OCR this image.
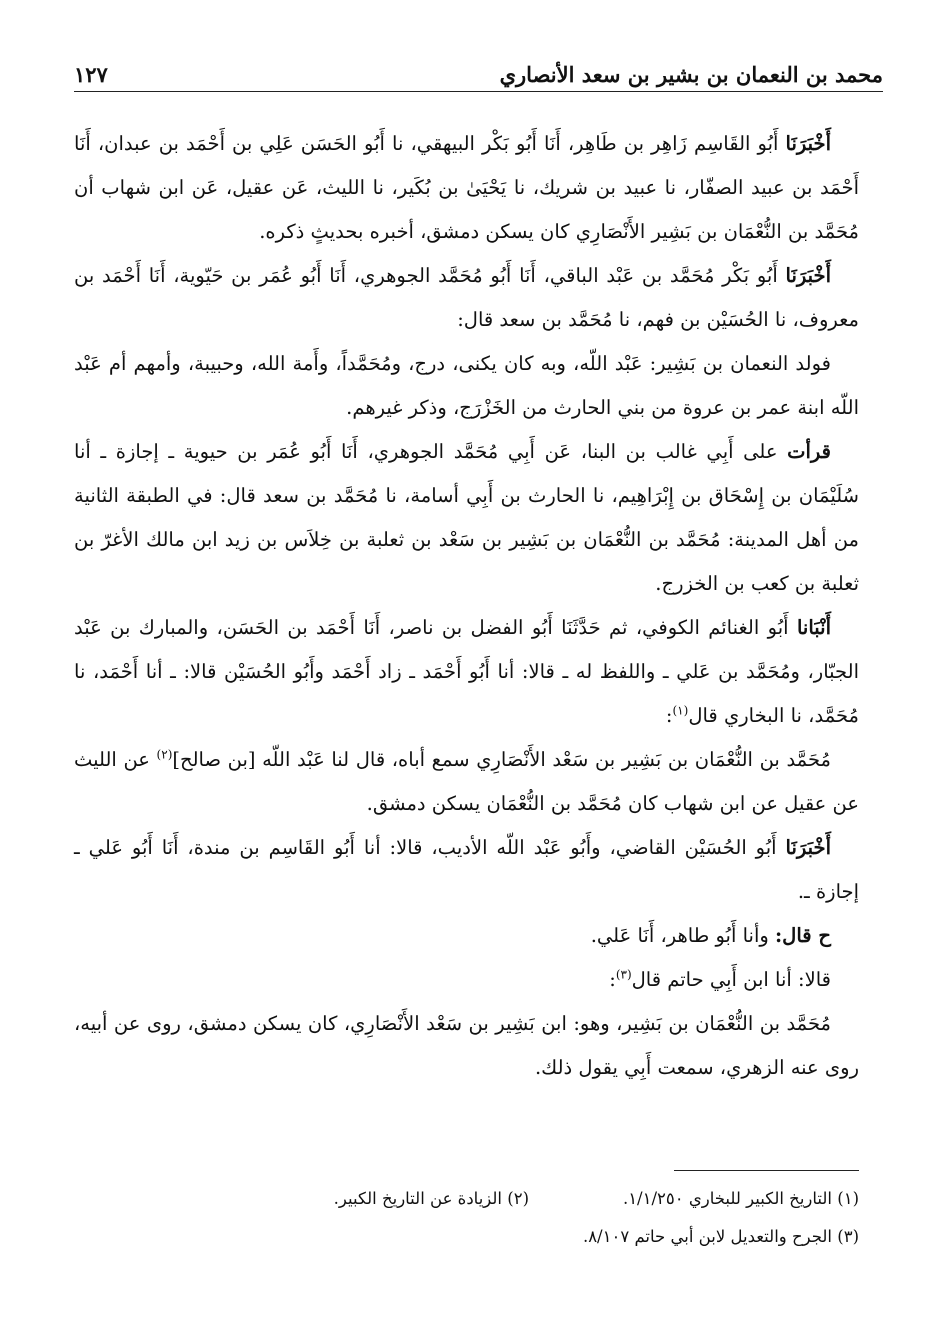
محمد بن النعمان بن بشير بن سعد الأنصاري
١٢٧

أَخْبَرَنَا أَبُو القَاسِم زَاهِر بن طَاهِر، أَنَا أَبُو بَكْر البيهقي، نا أَبُو الحَسَن عَلِي بن أَحْمَد بن عبدان، أَنَا أَحْمَد بن عبيد الصفّار، نا عبيد بن شريك، نا يَحْيَىٰ بن بُكَير، نا الليث، عَن عقيل، عَن ابن شهاب أن مُحَمَّد بن النُّعْمَان بن بَشِير الأَنْصَارِي كان يسكن دمشق، أخبره بحديثٍ ذكره.

أَخْبَرَنَا أَبُو بَكْر مُحَمَّد بن عَبْد الباقي، أَنَا أَبُو مُحَمَّد الجوهري، أَنَا أَبُو عُمَر بن حَيّوية، أَنَا أَحْمَد بن معروف، نا الحُسَيْن بن فهم، نا مُحَمَّد بن سعد قال:

فولد النعمان بن بَشِير: عَبْد اللّه، وبه كان يكنى، درج، ومُحَمَّداً، وأَمة الله، وحبيبة، وأمهم أم عَبْد اللّه ابنة عمر بن عروة من بني الحارث من الخَزْرَج، وذكر غيرهم.

قرأت على أَبِي غالب بن البنا، عَن أَبِي مُحَمَّد الجوهري، أَنَا أَبُو عُمَر بن حيوية ـ إجازة ـ أنا سُلَيْمَان بن إِسْحَاق بن إِبْرَاهِيم، نا الحارث بن أَبِي أسامة، نا مُحَمَّد بن سعد قال: في الطبقة الثانية من أهل المدينة: مُحَمَّد بن النُّعْمَان بن بَشِير بن سَعْد بن ثعلبة بن خِلاَس بن زيد ابن مالك الأغرّ بن ثعلبة بن كعب بن الخزرج.

أَنْبَانا أَبُو الغنائم الكوفي، ثم حَدَّثَنَا أَبُو الفضل بن ناصر، أَنَا أَحْمَد بن الحَسَن، والمبارك بن عَبْد الجبّار، ومُحَمَّد بن عَلي ـ واللفظ له ـ قالا: أنا أَبُو أَحْمَد ـ زاد أَحْمَد وأَبُو الحُسَيْن قالا: ـ أنا أَحْمَد، نا مُحَمَّد، نا البخاري قال$^{(١)}$:

مُحَمَّد بن النُّعْمَان بن بَشِير بن سَعْد الأَنْصَارِي سمع أباه، قال لنا عَبْد اللّه [بن صالح]$^{(٢)}$ عن الليث عن عقيل عن ابن شهاب كان مُحَمَّد بن النُّعْمَان يسكن دمشق.

أَخْبَرَنَا أَبُو الحُسَيْن القاضي، وأَبُو عَبْد اللّه الأديب، قالا: أنا أَبُو القَاسِم بن مندة، أَنَا أَبُو عَلي ـ إجازة ـ.

ح قال: وأنا أَبُو طاهر، أَنَا عَلي.

قالا: أنا ابن أَبِي حاتم قال$^{(٣)}$:

مُحَمَّد بن النُّعْمَان بن بَشِير، وهو: ابن بَشِير بن سَعْد الأَنْصَارِي، كان يسكن دمشق، روى عن أبيه، روى عنه الزهري، سمعت أَبِي يقول ذلك.

(١) التاريخ الكبير للبخاري ١/١/٢٥٠.
(٢) الزيادة عن التاريخ الكبير.
(٣) الجرح والتعديل لابن أبي حاتم ٨/١٠٧.
